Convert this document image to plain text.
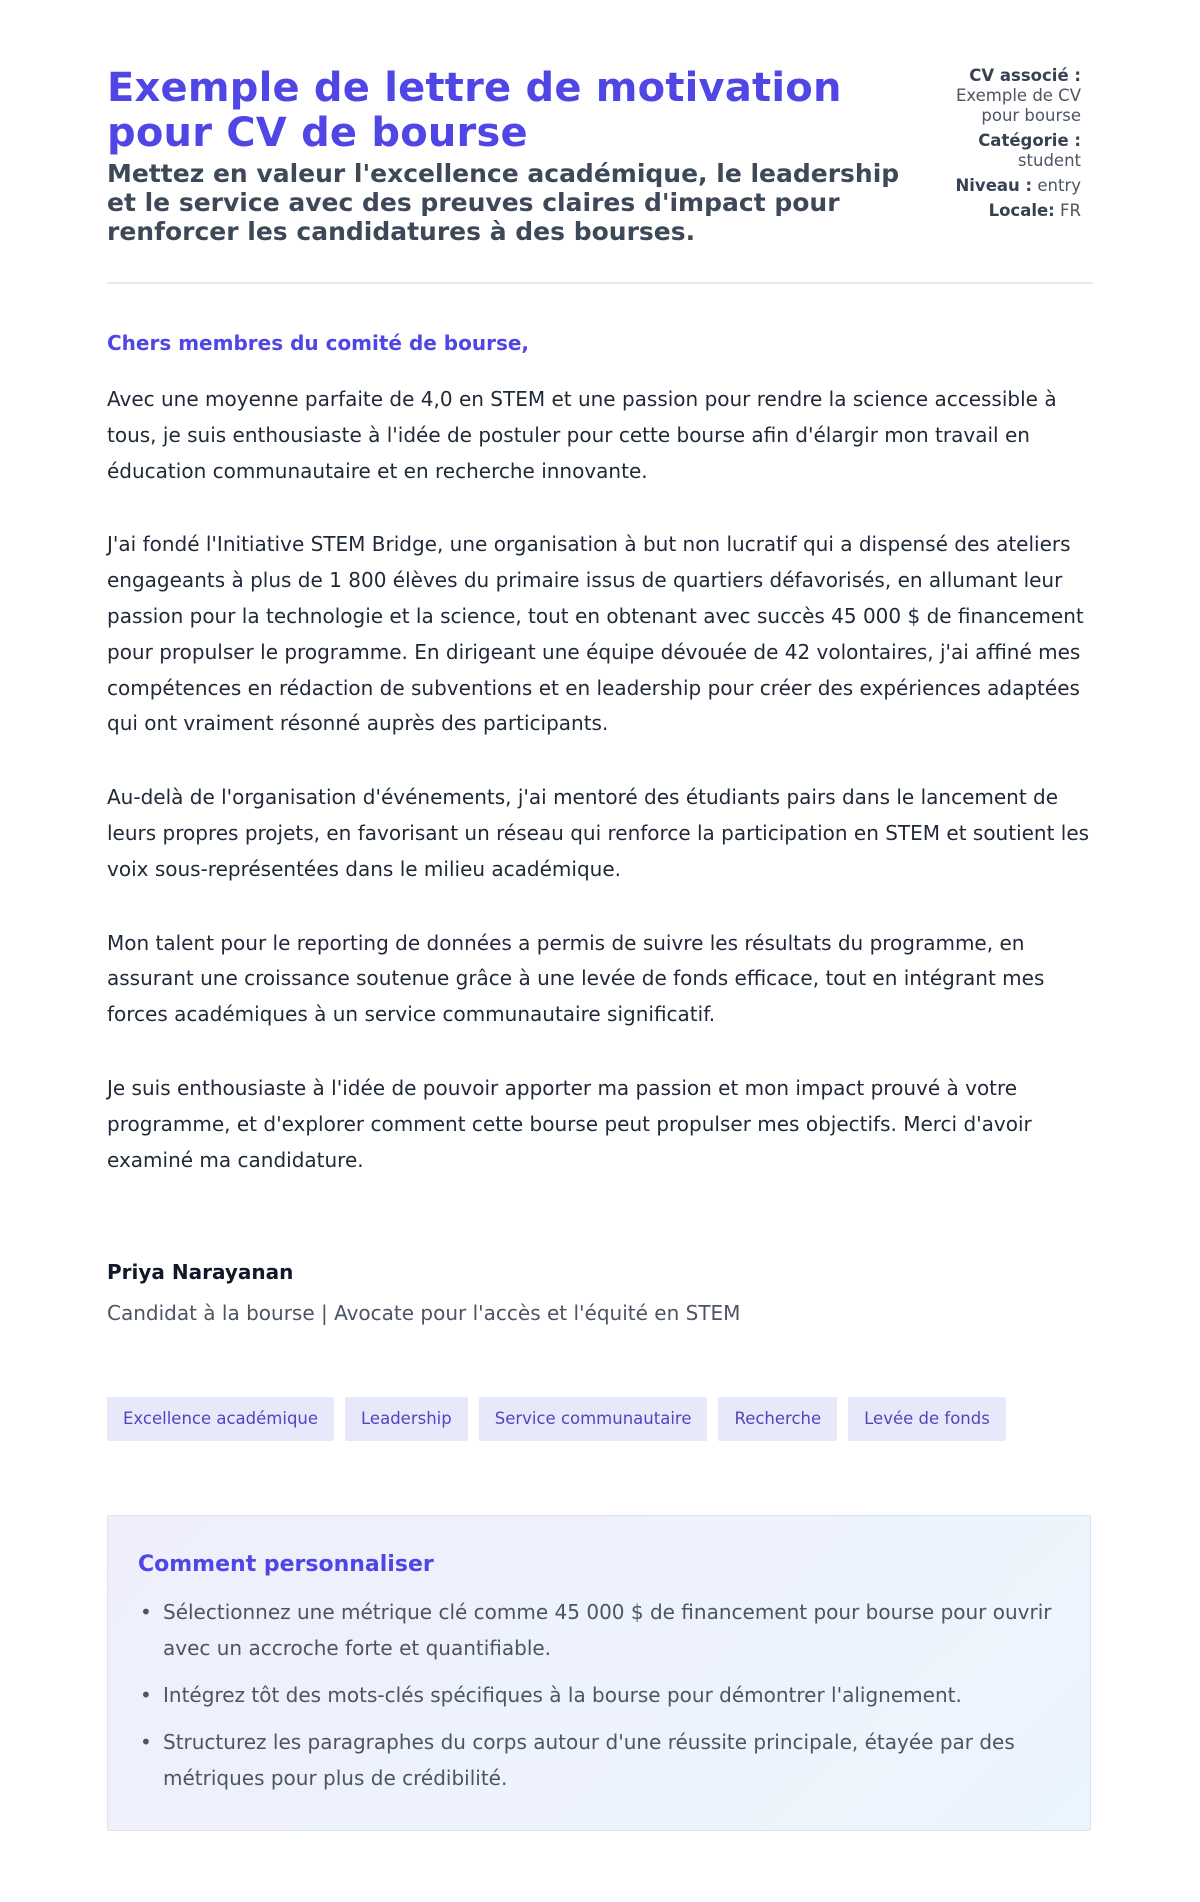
Exemple de lettre de motivation pour CV de bourse
Mettez en valeur l'excellence académique, le leadership et le service avec des preuves claires d'impact pour renforcer les candidatures à des bourses.
CV associé :
Exemple de CV pour bourse
Catégorie :
student
Niveau : entry
Locale: FR

Chers membres du comité de bourse,

Avec une moyenne parfaite de 4,0 en STEM et une passion pour rendre la science accessible à tous, je suis enthousiaste à l'idée de postuler pour cette bourse afin d'élargir mon travail en éducation communautaire et en recherche innovante.

J'ai fondé l'Initiative STEM Bridge, une organisation à but non lucratif qui a dispensé des ateliers engageants à plus de 1 800 élèves du primaire issus de quartiers défavorisés, en allumant leur passion pour la technologie et la science, tout en obtenant avec succès 45 000 $ de financement pour propulser le programme. En dirigeant une équipe dévouée de 42 volontaires, j'ai affiné mes compétences en rédaction de subventions et en leadership pour créer des expériences adaptées qui ont vraiment résonné auprès des participants.

Au-delà de l'organisation d'événements, j'ai mentoré des étudiants pairs dans le lancement de leurs propres projets, en favorisant un réseau qui renforce la participation en STEM et soutient les voix sous-représentées dans le milieu académique.

Mon talent pour le reporting de données a permis de suivre les résultats du programme, en assurant une croissance soutenue grâce à une levée de fonds efficace, tout en intégrant mes forces académiques à un service communautaire significatif.

Je suis enthousiaste à l'idée de pouvoir apporter ma passion et mon impact prouvé à votre programme, et d'explorer comment cette bourse peut propulser mes objectifs. Merci d'avoir examiné ma candidature.

Priya Narayanan
Candidat à la bourse | Avocate pour l'accès et l'équité en STEM
Excellence académique	Leadership	Service communautaire	Recherche	Levée de fonds
Comment personnaliser
• Sélectionnez une métrique clé comme 45 000 $ de financement pour bourse pour ouvrir avec un accroche forte et quantifiable.
• Intégrez tôt des mots-clés spécifiques à la bourse pour démontrer l'alignement.
• Structurez les paragraphes du corps autour d'une réussite principale, étayée par des métriques pour plus de crédibilité.
